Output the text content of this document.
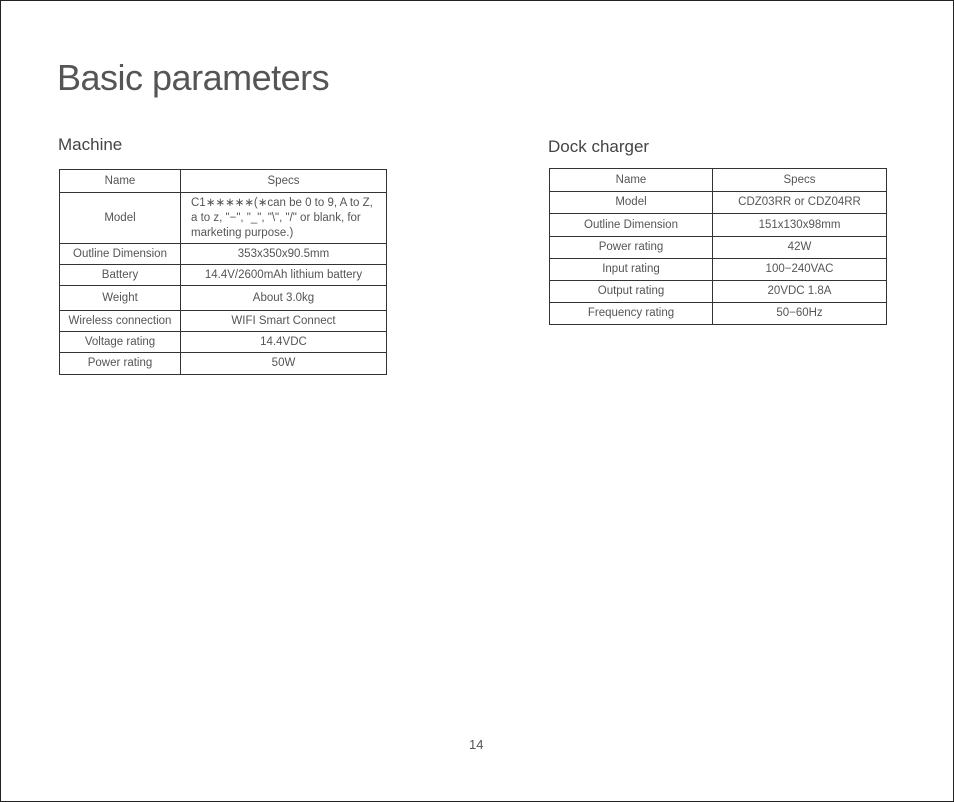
Basic parameters
Machine
Name	Specs
Model	C1∗∗∗∗∗(∗can be 0 to 9, A to Z, a to z, "−", "_", "\", "/" or blank, for marketing purpose.)
Outline Dimension	353x350x90.5mm
Battery	14.4V/2600mAh lithium battery
Weight	About 3.0kg
Wireless connection	WIFI Smart Connect
Voltage rating	14.4VDC
Power rating	50W
Dock charger
Name	Specs
Model	CDZ03RR or CDZ04RR
Outline Dimension	151x130x98mm
Power rating	42W
Input rating	100−240VAC
Output rating	20VDC 1.8A
Frequency rating	50−60Hz
14
